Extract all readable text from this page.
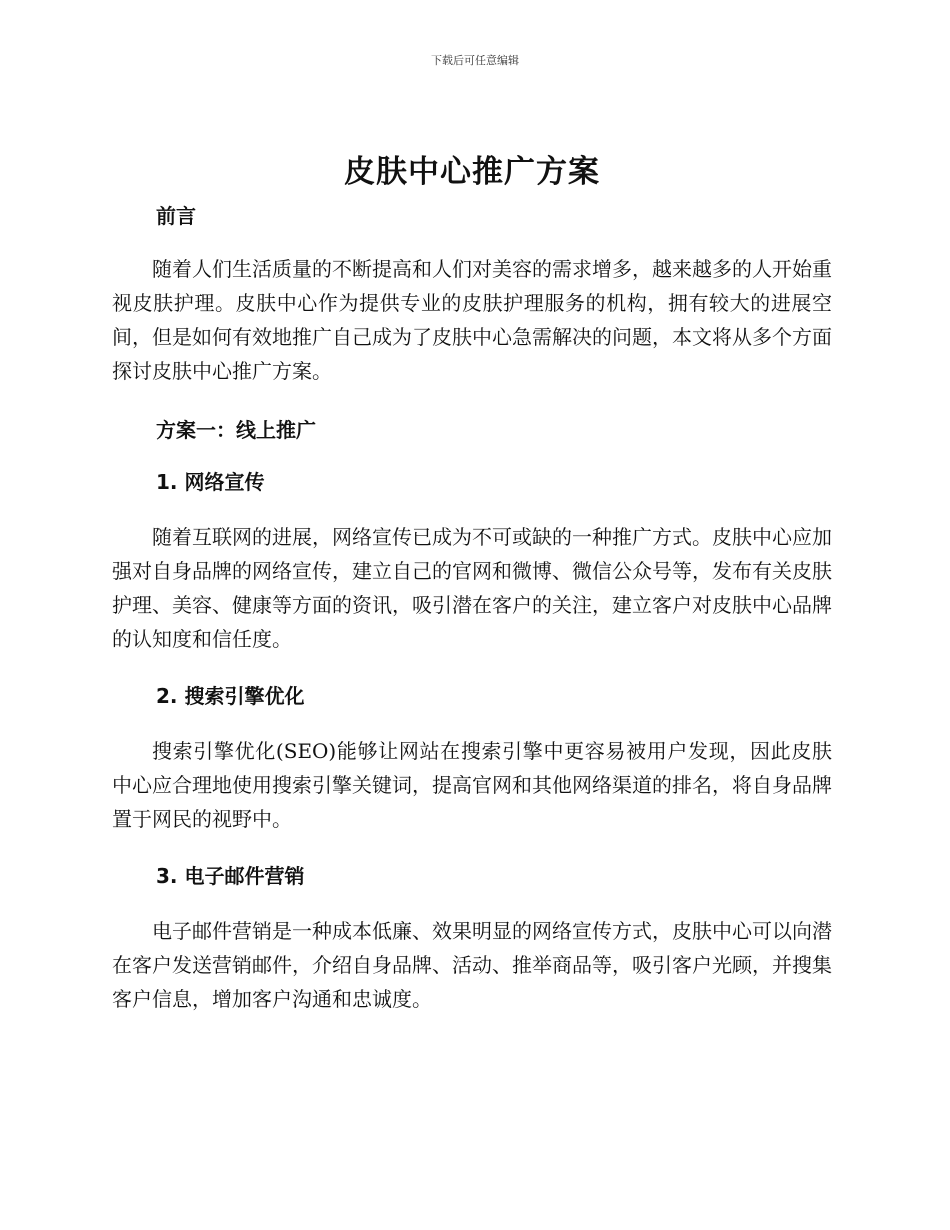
下载后可任意编辑
皮肤中心推广方案
前言

随着人们生活质量的不断提高和人们对美容的需求增多，越来越多的人开始重视皮肤护理。皮肤中心作为提供专业的皮肤护理服务的机构，拥有较大的进展空间，但是如何有效地推广自己成为了皮肤中心急需解决的问题，本文将从多个方面探讨皮肤中心推广方案。

方案一：线上推广
1. 网络宣传

随着互联网的进展，网络宣传已成为不可或缺的一种推广方式。皮肤中心应加强对自身品牌的网络宣传，建立自己的官网和微博、微信公众号等，发布有关皮肤护理、美容、健康等方面的资讯，吸引潜在客户的关注，建立客户对皮肤中心品牌的认知度和信任度。

2. 搜索引擎优化

搜索引擎优化(SEO)能够让网站在搜索引擎中更容易被用户发现，因此皮肤中心应合理地使用搜索引擎关键词，提高官网和其他网络渠道的排名，将自身品牌置于网民的视野中。

3. 电子邮件营销

电子邮件营销是一种成本低廉、效果明显的网络宣传方式，皮肤中心可以向潜在客户发送营销邮件，介绍自身品牌、活动、推举商品等，吸引客户光顾，并搜集客户信息，增加客户沟通和忠诚度。
